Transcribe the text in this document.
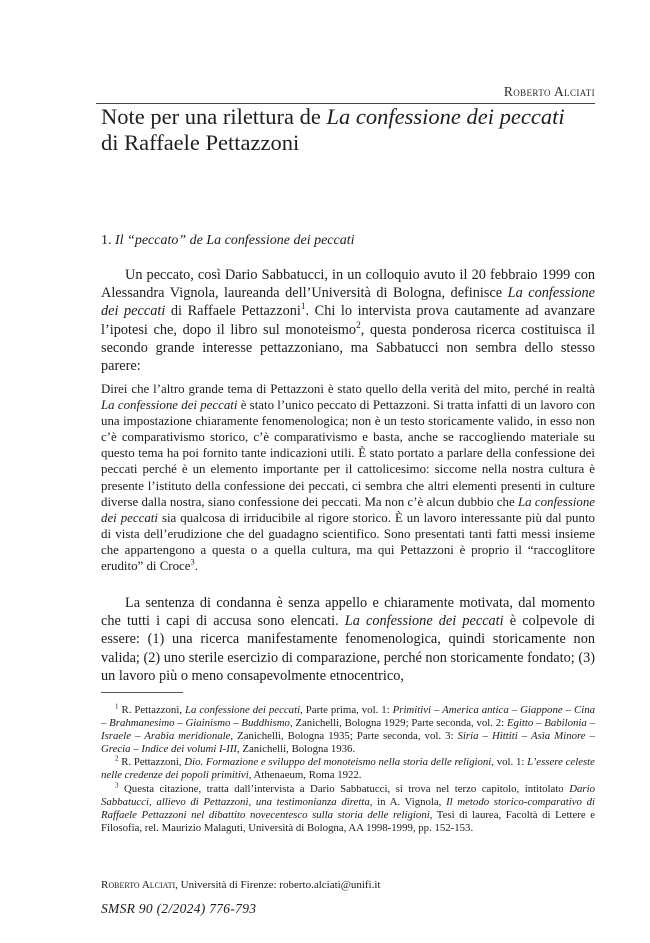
Roberto Alciati
Note per una rilettura de La confessione dei peccati di Raffaele Pettazzoni
1. Il “peccato” de La confessione dei peccati

Un peccato, così Dario Sabbatucci, in un colloquio avuto il 20 febbraio 1999 con Alessandra Vignola, laureanda dell’Università di Bologna, definisce La confessione dei peccati di Raffaele Pettazzoni$^1$. Chi lo intervista prova cautamente ad avanzare l’ipotesi che, dopo il libro sul monoteismo$^2$, questa ponderosa ricerca costituisca il secondo grande interesse pettazzoniano, ma Sabbatucci non sembra dello stesso parere:

Direi che l’altro grande tema di Pettazzoni è stato quello della verità del mito, perché in realtà La confessione dei peccati è stato l’unico peccato di Pettazzoni. Si tratta infatti di un lavoro con una impostazione chiaramente fenomenologica; non è un testo storicamente valido, in esso non c’è comparativismo storico, c’è comparativismo e basta, anche se raccogliendo materiale su questo tema ha poi fornito tante indicazioni utili. È stato portato a parlare della confessione dei peccati perché è un elemento importante per il cattolicesimo: siccome nella nostra cultura è presente l’istituto della confessione dei peccati, ci sembra che altri elementi presenti in culture diverse dalla nostra, siano confessione dei peccati. Ma non c’è alcun dubbio che La confessione dei peccati sia qualcosa di irriducibile al rigore storico. È un lavoro interessante più dal punto di vista dell’erudizione che del guadagno scientifico. Sono presentati tanti fatti messi insieme che appartengono a questa o a quella cultura, ma qui Pettazzoni è proprio il “raccoglitore erudito” di Croce$^3$.

La sentenza di condanna è senza appello e chiaramente motivata, dal momento che tutti i capi di accusa sono elencati. La confessione dei peccati è colpevole di essere: (1) una ricerca manifestamente fenomenologica, quindi storicamente non valida; (2) uno sterile esercizio di comparazione, perché non storicamente fondato; (3) un lavoro più o meno consapevolmente etnocentrico,

$^1$ R. Pettazzoni, La confessione dei peccati, Parte prima, vol. 1: Primitivi – America antica – Giappone – Cina – Brahmanesimo – Giainismo – Buddhismo, Zanichelli, Bologna 1929; Parte seconda, vol. 2: Egitto – Babilonia – Israele – Arabia meridionale, Zanichelli, Bologna 1935; Parte seconda, vol. 3: Siria – Hittiti – Asia Minore – Grecia – Indice dei volumi I-III, Zanichelli, Bologna 1936.

$^2$ R. Pettazzoni, Dio. Formazione e sviluppo del monoteismo nella storia delle religioni, vol. 1: L’essere celeste nelle credenze dei popoli primitivi, Athenaeum, Roma 1922.

$^3$ Questa citazione, tratta dall’intervista a Dario Sabbatucci, si trova nel terzo capitolo, intitolato Dario Sabbatucci, allievo di Pettazzoni, una testimonianza diretta, in A. Vignola, Il metodo storico-comparativo di Raffaele Pettazzoni nel dibattito novecentesco sulla storia delle religioni, Tesi di laurea, Facoltà di Lettere e Filosofia, rel. Maurizio Malaguti, Università di Bologna, AA 1998-1999, pp. 152-153.

Roberto Alciati, Università di Firenze: roberto.alciati@unifi.it
SMSR 90 (2/2024) 776-793
